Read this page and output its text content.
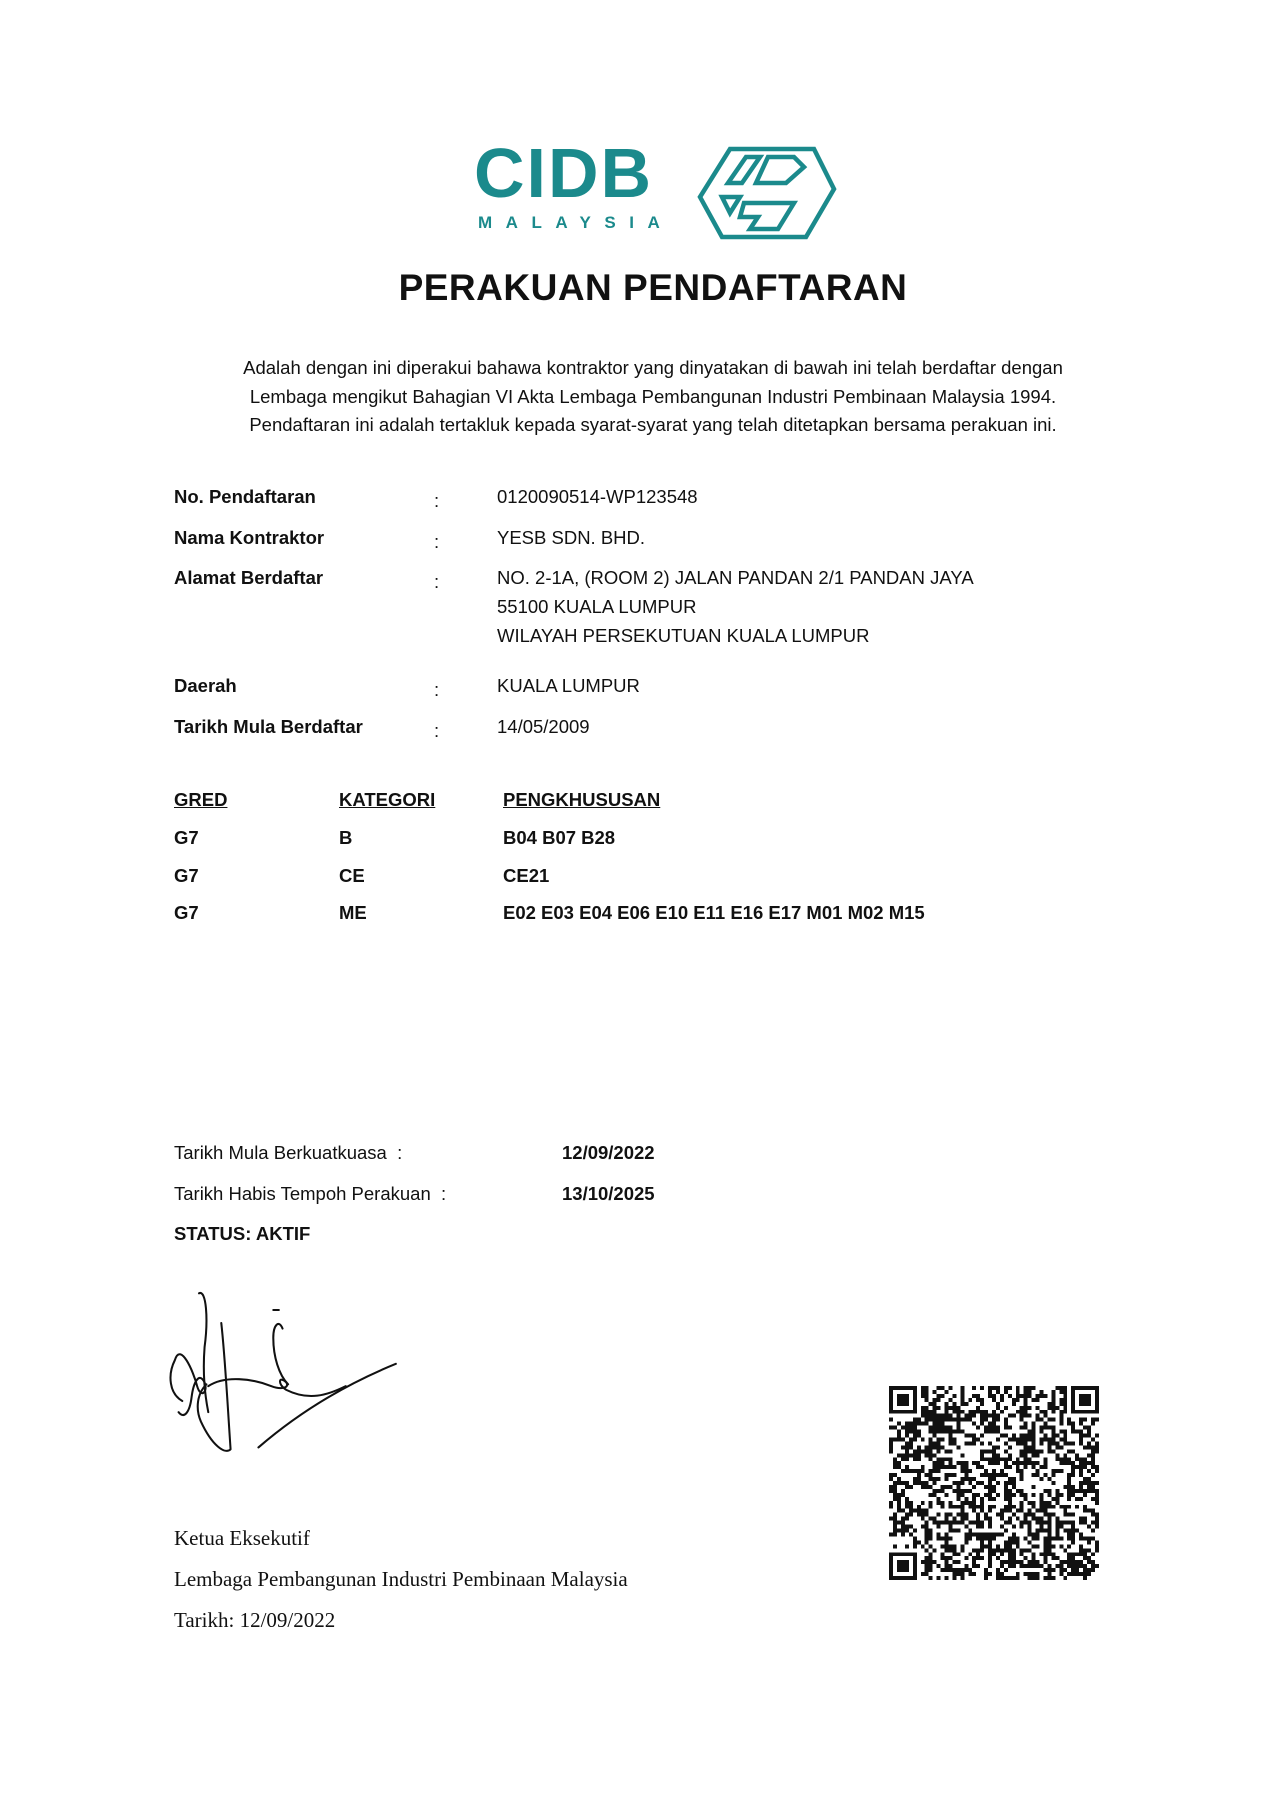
CIDB
MALAYSIA
PERAKUAN PENDAFTARAN
Adalah dengan ini diperakui bahawa kontraktor yang dinyatakan di bawah ini telah berdaftar dengan
Lembaga mengikut Bahagian VI Akta Lembaga Pembangunan Industri Pembinaan Malaysia 1994.
Pendaftaran ini adalah tertakluk kepada syarat-syarat yang telah ditetapkan bersama perakuan ini.
No. Pendaftaran	:	0120090514-WP123548
Nama Kontraktor	:	YESB SDN. BHD.
Alamat Berdaftar	:	NO. 2-1A, (ROOM 2) JALAN PANDAN 2/1 PANDAN JAYA
55100 KUALA LUMPUR
WILAYAH PERSEKUTUAN KUALA LUMPUR
Daerah	:	KUALA LUMPUR
Tarikh Mula Berdaftar	:	14/05/2009
GRED	KATEGORI	PENGKHUSUSAN
G7	B	B04 B07 B28
G7	CE	CE21
G7	ME	E02 E03 E04 E06 E10 E11 E16 E17 M01 M02 M15
Tarikh Mula Berkuatkuasa  :	12/09/2022
Tarikh Habis Tempoh Perakuan  :	13/10/2025
STATUS: AKTIF
Ketua Eksekutif
Lembaga Pembangunan Industri Pembinaan Malaysia
Tarikh: 12/09/2022
